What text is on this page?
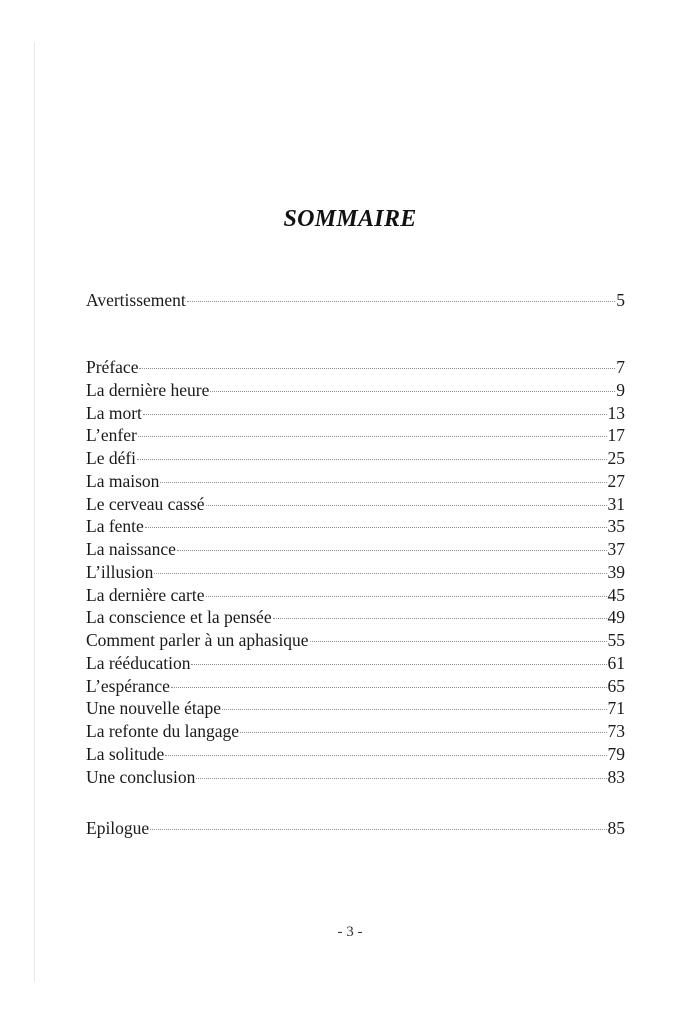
SOMMAIRE
Avertissement	5
Préface	7
La dernière heure	9
La mort	13
L’enfer	17
Le défi	25
La maison	27
Le cerveau cassé	31
La fente	35
La naissance	37
L’illusion	39
La dernière carte	45
La conscience et la pensée	49
Comment parler à un aphasique	55
La rééducation	61
L’espérance	65
Une nouvelle étape	71
La refonte du langage	73
La solitude	79
Une conclusion	83
Epilogue	85
- 3 -
